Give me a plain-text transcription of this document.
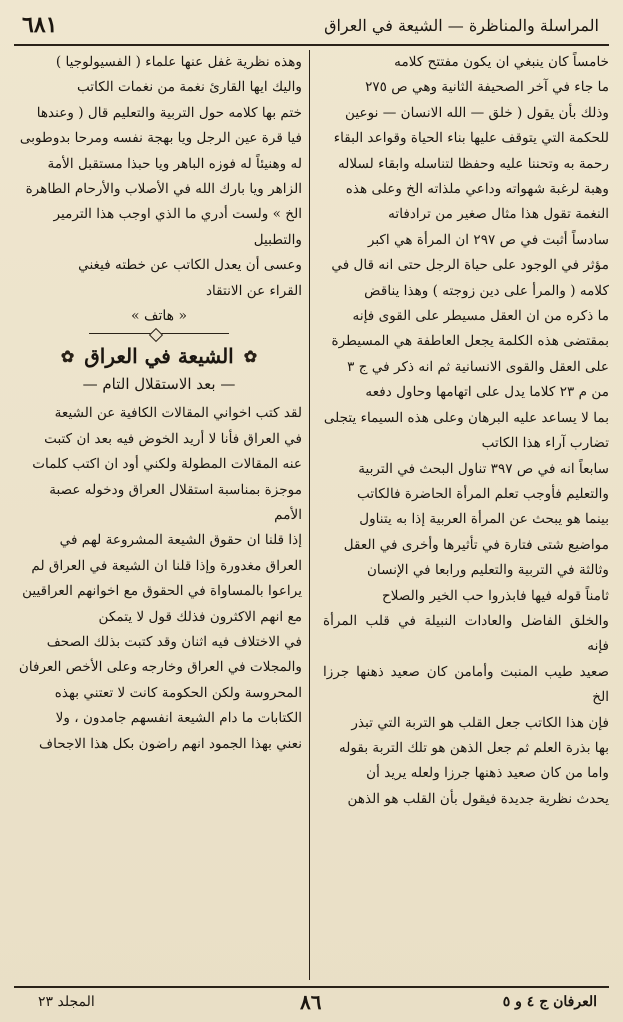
٦٨١	المراسلة والمناظرة — الشيعة في العراق

خامساً كان ينبغي ان يكون مفتتح كلامه

ما جاء في آخر الصحيفة الثانية وهي ص ٢٧٥

وذلك بأن يقول ( خلق — الله الانسان — نوعين

للحكمة التي يتوقف عليها بناء الحياة وقواعد البقاء

رحمة به وتحننا عليه وحفظا لتناسله وابقاء لسلاله

وهبة لرغبة شهواته وداعي ملذاته الخ وعلى هذه

النغمة تقول هذا مثال صغير من ترادفاته

سادساً أثبت في ص ٢٩٧ ان المرأة هي اكبر

مؤثر في الوجود على حياة الرجل حتى انه قال في

كلامه ( والمرأ على دين زوجته ) وهذا يناقض

ما ذكره من ان العقل مسيطر على القوى فإنه

بمقتضى هذه الكلمة يجعل العاطفة هي المسيطرة

على العقل والقوى الانسانية ثم انه ذكر في ج ٣

من م ٢٣ كلاما يدل على اتهامها وحاول دفعه

بما لا يساعد عليه البرهان وعلى هذه السيماء يتجلى

تضارب آراء هذا الكاتب

سابعاً انه في ص ٣٩٧ تناول البحث في التربية

والتعليم فأوجب تعلم المرأة الحاضرة فالكاتب

بينما هو يبحث عن المرأة العربية إذا به يتناول

مواضيع شتى فتارة في تأثيرها وأخرى في العقل

وثالثة في التربية والتعليم ورابعا في الإنسان

ثامناً قوله فيها فابذروا حب الخير والصلاح

والخلق الفاضل والعادات النبيلة في قلب المرأة فإنه

صعيد طيب المنبت وأمامن كان صعيد ذهنها جرزا الخ

فإن هذا الكاتب جعل القلب هو التربة التي تبذر

بها بذرة العلم ثم جعل الذهن هو تلك التربة بقوله

واما من كان صعيد ذهنها جرزا ولعله يريد أن

يحدث نظرية جديدة فيقول بأن القلب هو الذهن

وهذه نظرية غفل عنها علماء ( الفسيولوجيا )

واليك ايها القارئ نغمة من نغمات الكاتب

ختم بها كلامه حول التربية والتعليم قال ( وعندها

فيا قرة عين الرجل ويا بهجة نفسه ومرحا بدوطوبى

له وهنيئاً له فوزه الباهر ويا حبذا مستقبل الأمة

الزاهر ويا بارك الله في الأصلاب والأرحام الطاهرة

الخ » ولست أدري ما الذي اوجب هذا الترمير

والتطبيل

وعسى أن يعدل الكاتب عن خطته فيغني

القراء عن الانتقاد

« هاتف »

✿
الشيعة في العراق
✿
— بعد الاستقلال التام —

لقد كتب اخواني المقالات الكافية عن الشيعة

في العراق فأنا لا أريد الخوض فيه بعد ان كتبت

عنه المقالات المطولة ولكني أود ان اكتب كلمات

موجزة بمناسبة استقلال العراق ودخوله عصبة

الأمم

إذا قلنا ان حقوق الشيعة المشروعة لهم في

العراق مغدورة وإذا قلنا ان الشيعة في العراق لم

يراعوا بالمساواة في الحقوق مع اخوانهم العراقيين

مع انهم الاكثرون فذلك قول لا يتمكن

في الاختلاف فيه اثنان وقد كتبت بذلك الصحف

والمجلات في العراق وخارجه وعلى الأخص العرفان

المحروسة ولكن الحكومة كانت لا تعتني بهذه

الكتابات ما دام الشيعة انفسهم جامدون ، ولا

نعني بهذا الجمود انهم راضون بكل هذا الاجحاف

المجلد ٢٣	٨٦	العرفان ج ٤ و ٥
